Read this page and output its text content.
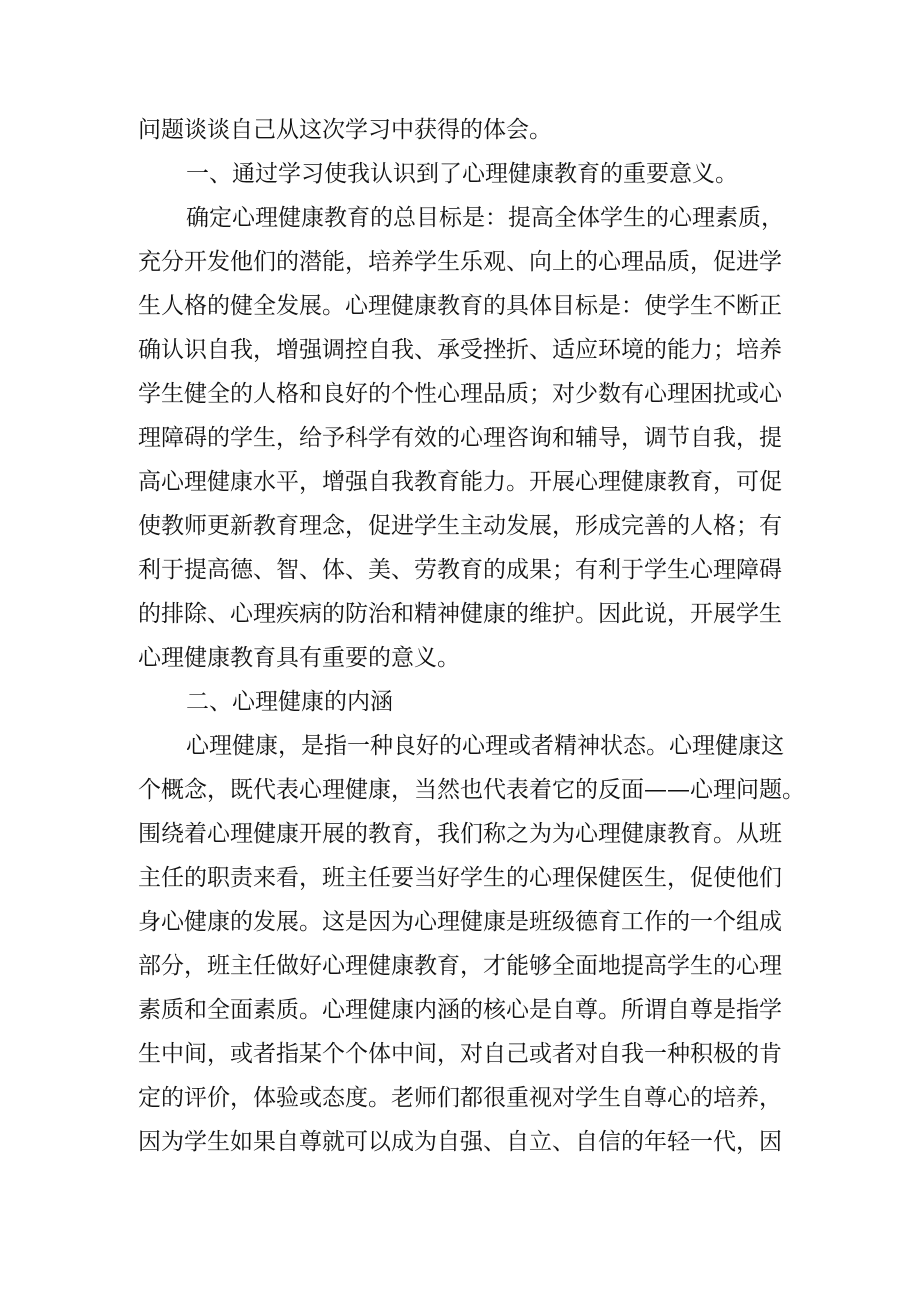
问题谈谈自己从这次学习中获得的体会。
一、通过学习使我认识到了心理健康教育的重要意义。
确定心理健康教育的总目标是：提高全体学生的心理素质，
充分开发他们的潜能，培养学生乐观、向上的心理品质，促进学
生人格的健全发展。心理健康教育的具体目标是：使学生不断正
确认识自我，增强调控自我、承受挫折、适应环境的能力；培养
学生健全的人格和良好的个性心理品质；对少数有心理困扰或心
理障碍的学生，给予科学有效的心理咨询和辅导，调节自我，提
高心理健康水平，增强自我教育能力。开展心理健康教育，可促
使教师更新教育理念，促进学生主动发展，形成完善的人格；有
利于提高德、智、体、美、劳教育的成果；有利于学生心理障碍
的排除、心理疾病的防治和精神健康的维护。因此说，开展学生
心理健康教育具有重要的意义。
二、心理健康的内涵
心理健康，是指一种良好的心理或者精神状态。心理健康这
个概念，既代表心理健康，当然也代表着它的反面——心理问题。
围绕着心理健康开展的教育，我们称之为为心理健康教育。从班
主任的职责来看，班主任要当好学生的心理保健医生，促使他们
身心健康的发展。这是因为心理健康是班级德育工作的一个组成
部分，班主任做好心理健康教育，才能够全面地提高学生的心理
素质和全面素质。心理健康内涵的核心是自尊。所谓自尊是指学
生中间，或者指某个个体中间，对自己或者对自我一种积极的肯
定的评价，体验或态度。老师们都很重视对学生自尊心的培养，
因为学生如果自尊就可以成为自强、自立、自信的年轻一代，因
